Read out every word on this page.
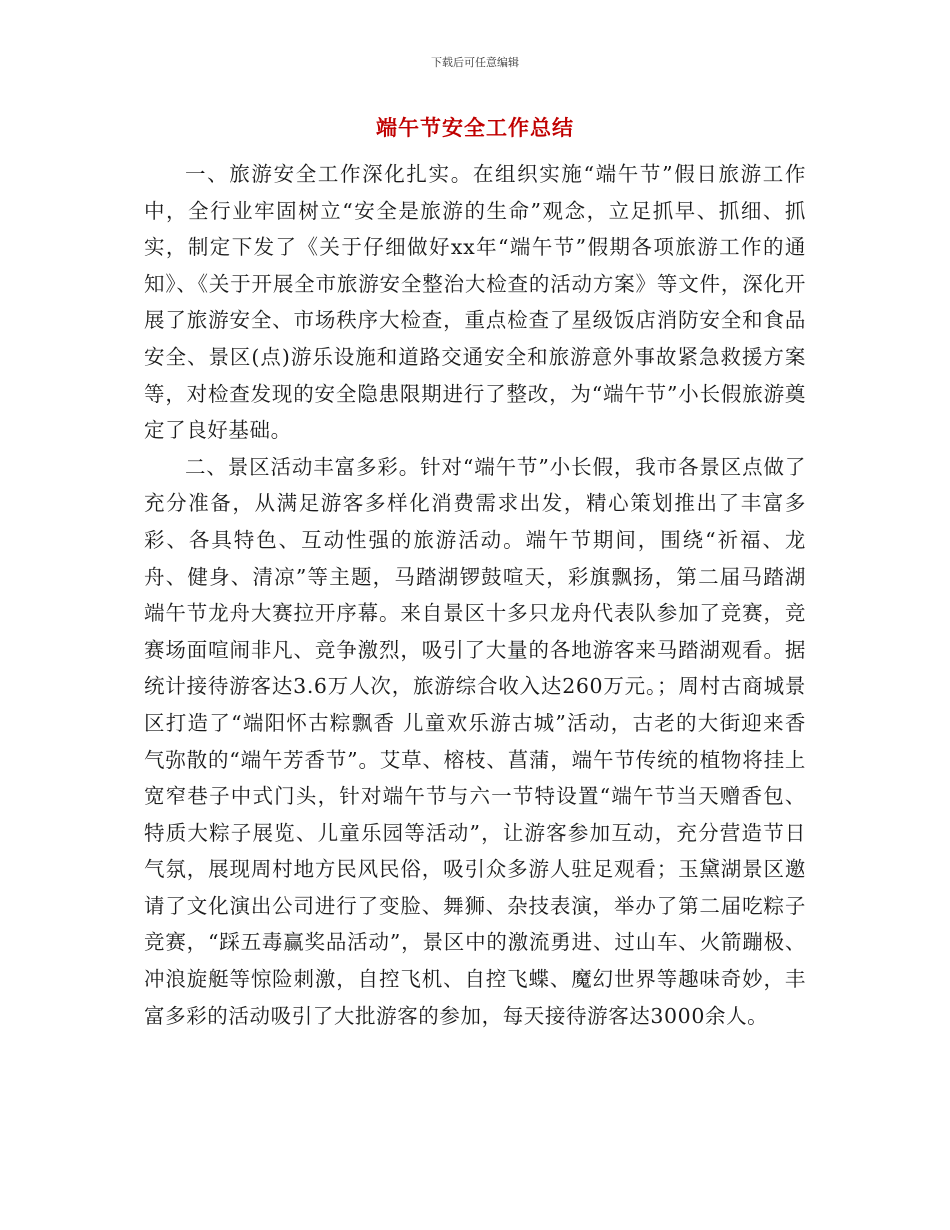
下载后可任意编辑
端午节安全工作总结

一、旅游安全工作深化扎实。在组织实施“端午节”假日旅游工作中，全行业牢固树立“安全是旅游的生命”观念，立足抓早、抓细、抓实，制定下发了《关于仔细做好xx年“端午节”假期各项旅游工作的通知》、《关于开展全市旅游安全整治大检查的活动方案》等文件，深化开展了旅游安全、市场秩序大检查，重点检查了星级饭店消防安全和食品安全、景区(点)游乐设施和道路交通安全和旅游意外事故紧急救援方案等，对检查发现的安全隐患限期进行了整改，为“端午节”小长假旅游奠定了良好基础。

二、景区活动丰富多彩。针对“端午节”小长假，我市各景区点做了充分准备，从满足游客多样化消费需求出发，精心策划推出了丰富多彩、各具特色、互动性强的旅游活动。端午节期间，围绕“祈福、龙舟、健身、清凉”等主题，马踏湖锣鼓喧天，彩旗飘扬，第二届马踏湖端午节龙舟大赛拉开序幕。来自景区十多只龙舟代表队参加了竞赛，竞赛场面喧闹非凡、竞争激烈，吸引了大量的各地游客来马踏湖观看。据统计接待游客达3.6万人次，旅游综合收入达260万元。；周村古商城景区打造了“端阳怀古粽飘香 儿童欢乐游古城”活动，古老的大街迎来香气弥散的“端午芳香节”。艾草、榕枝、菖蒲，端午节传统的植物将挂上宽窄巷子中式门头，针对端午节与六一节特设置“端午节当天赠香包、特质大粽子展览、儿童乐园等活动”，让游客参加互动，充分营造节日气氛，展现周村地方民风民俗，吸引众多游人驻足观看；玉黛湖景区邀请了文化演出公司进行了变脸、舞狮、杂技表演，举办了第二届吃粽子竞赛，“踩五毒赢奖品活动”，景区中的激流勇进、过山车、火箭蹦极、冲浪旋艇等惊险刺激，自控飞机、自控飞蝶、魔幻世界等趣味奇妙，丰富多彩的活动吸引了大批游客的参加，每天接待游客达3000余人。
